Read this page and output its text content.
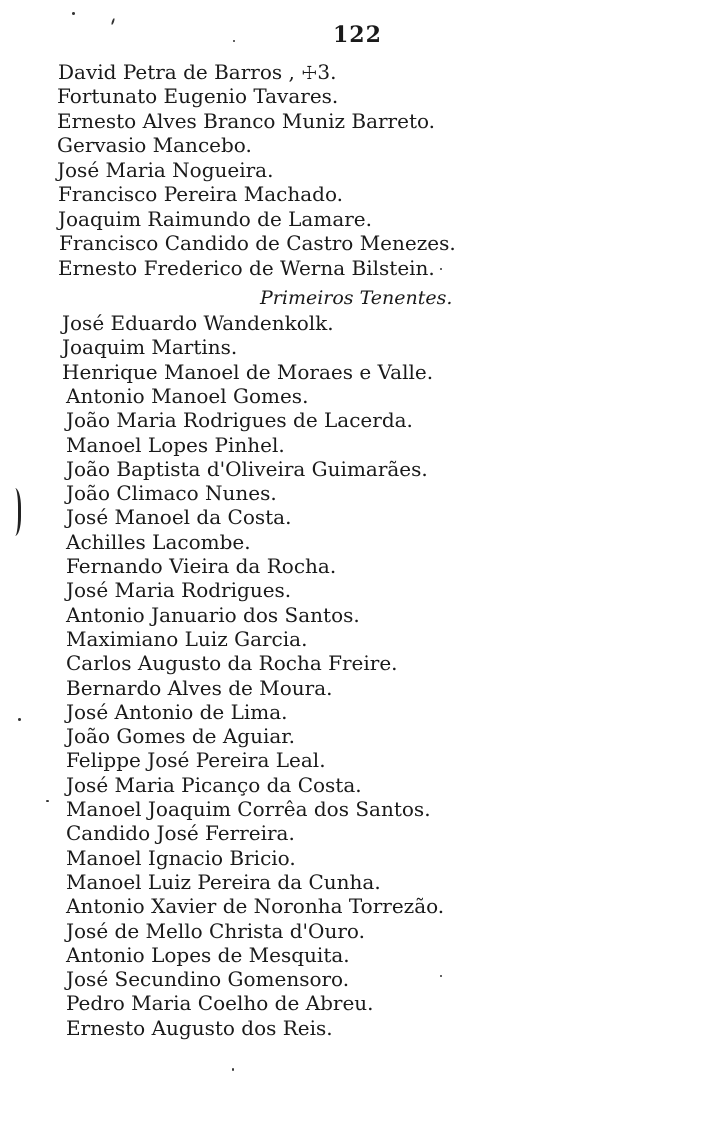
122
David Petra de Barros , ☩3.
Fortunato Eugenio Tavares.
Ernesto Alves Branco Muniz Barreto.
Gervasio Mancebo.
José Maria Nogueira.
Francisco Pereira Machado.
Joaquim Raimundo de Lamare.
Francisco Candido de Castro Menezes.
Ernesto Frederico de Werna Bilstein.
José Eduardo Wandenkolk.
Joaquim Martins.
Henrique Manoel de Moraes e Valle.
Antonio Manoel Gomes.
João Maria Rodrigues de Lacerda.
Manoel Lopes Pinhel.
João Baptista d'Oliveira Guimarães.
João Climaco Nunes.
José Manoel da Costa.
Achilles Lacombe.
Fernando Vieira da Rocha.
José Maria Rodrigues.
Antonio Januario dos Santos.
Maximiano Luiz Garcia.
Carlos Augusto da Rocha Freire.
Bernardo Alves de Moura.
José Antonio de Lima.
João Gomes de Aguiar.
Felippe José Pereira Leal.
José Maria Picanço da Costa.
Manoel Joaquim Corrêa dos Santos.
Candido José Ferreira.
Manoel Ignacio Bricio.
Manoel Luiz Pereira da Cunha.
Antonio Xavier de Noronha Torrezão.
José de Mello Christa d'Ouro.
Antonio Lopes de Mesquita.
José Secundino Gomensoro.
Pedro Maria Coelho de Abreu.
Ernesto Augusto dos Reis.
Primeiros Tenentes.
